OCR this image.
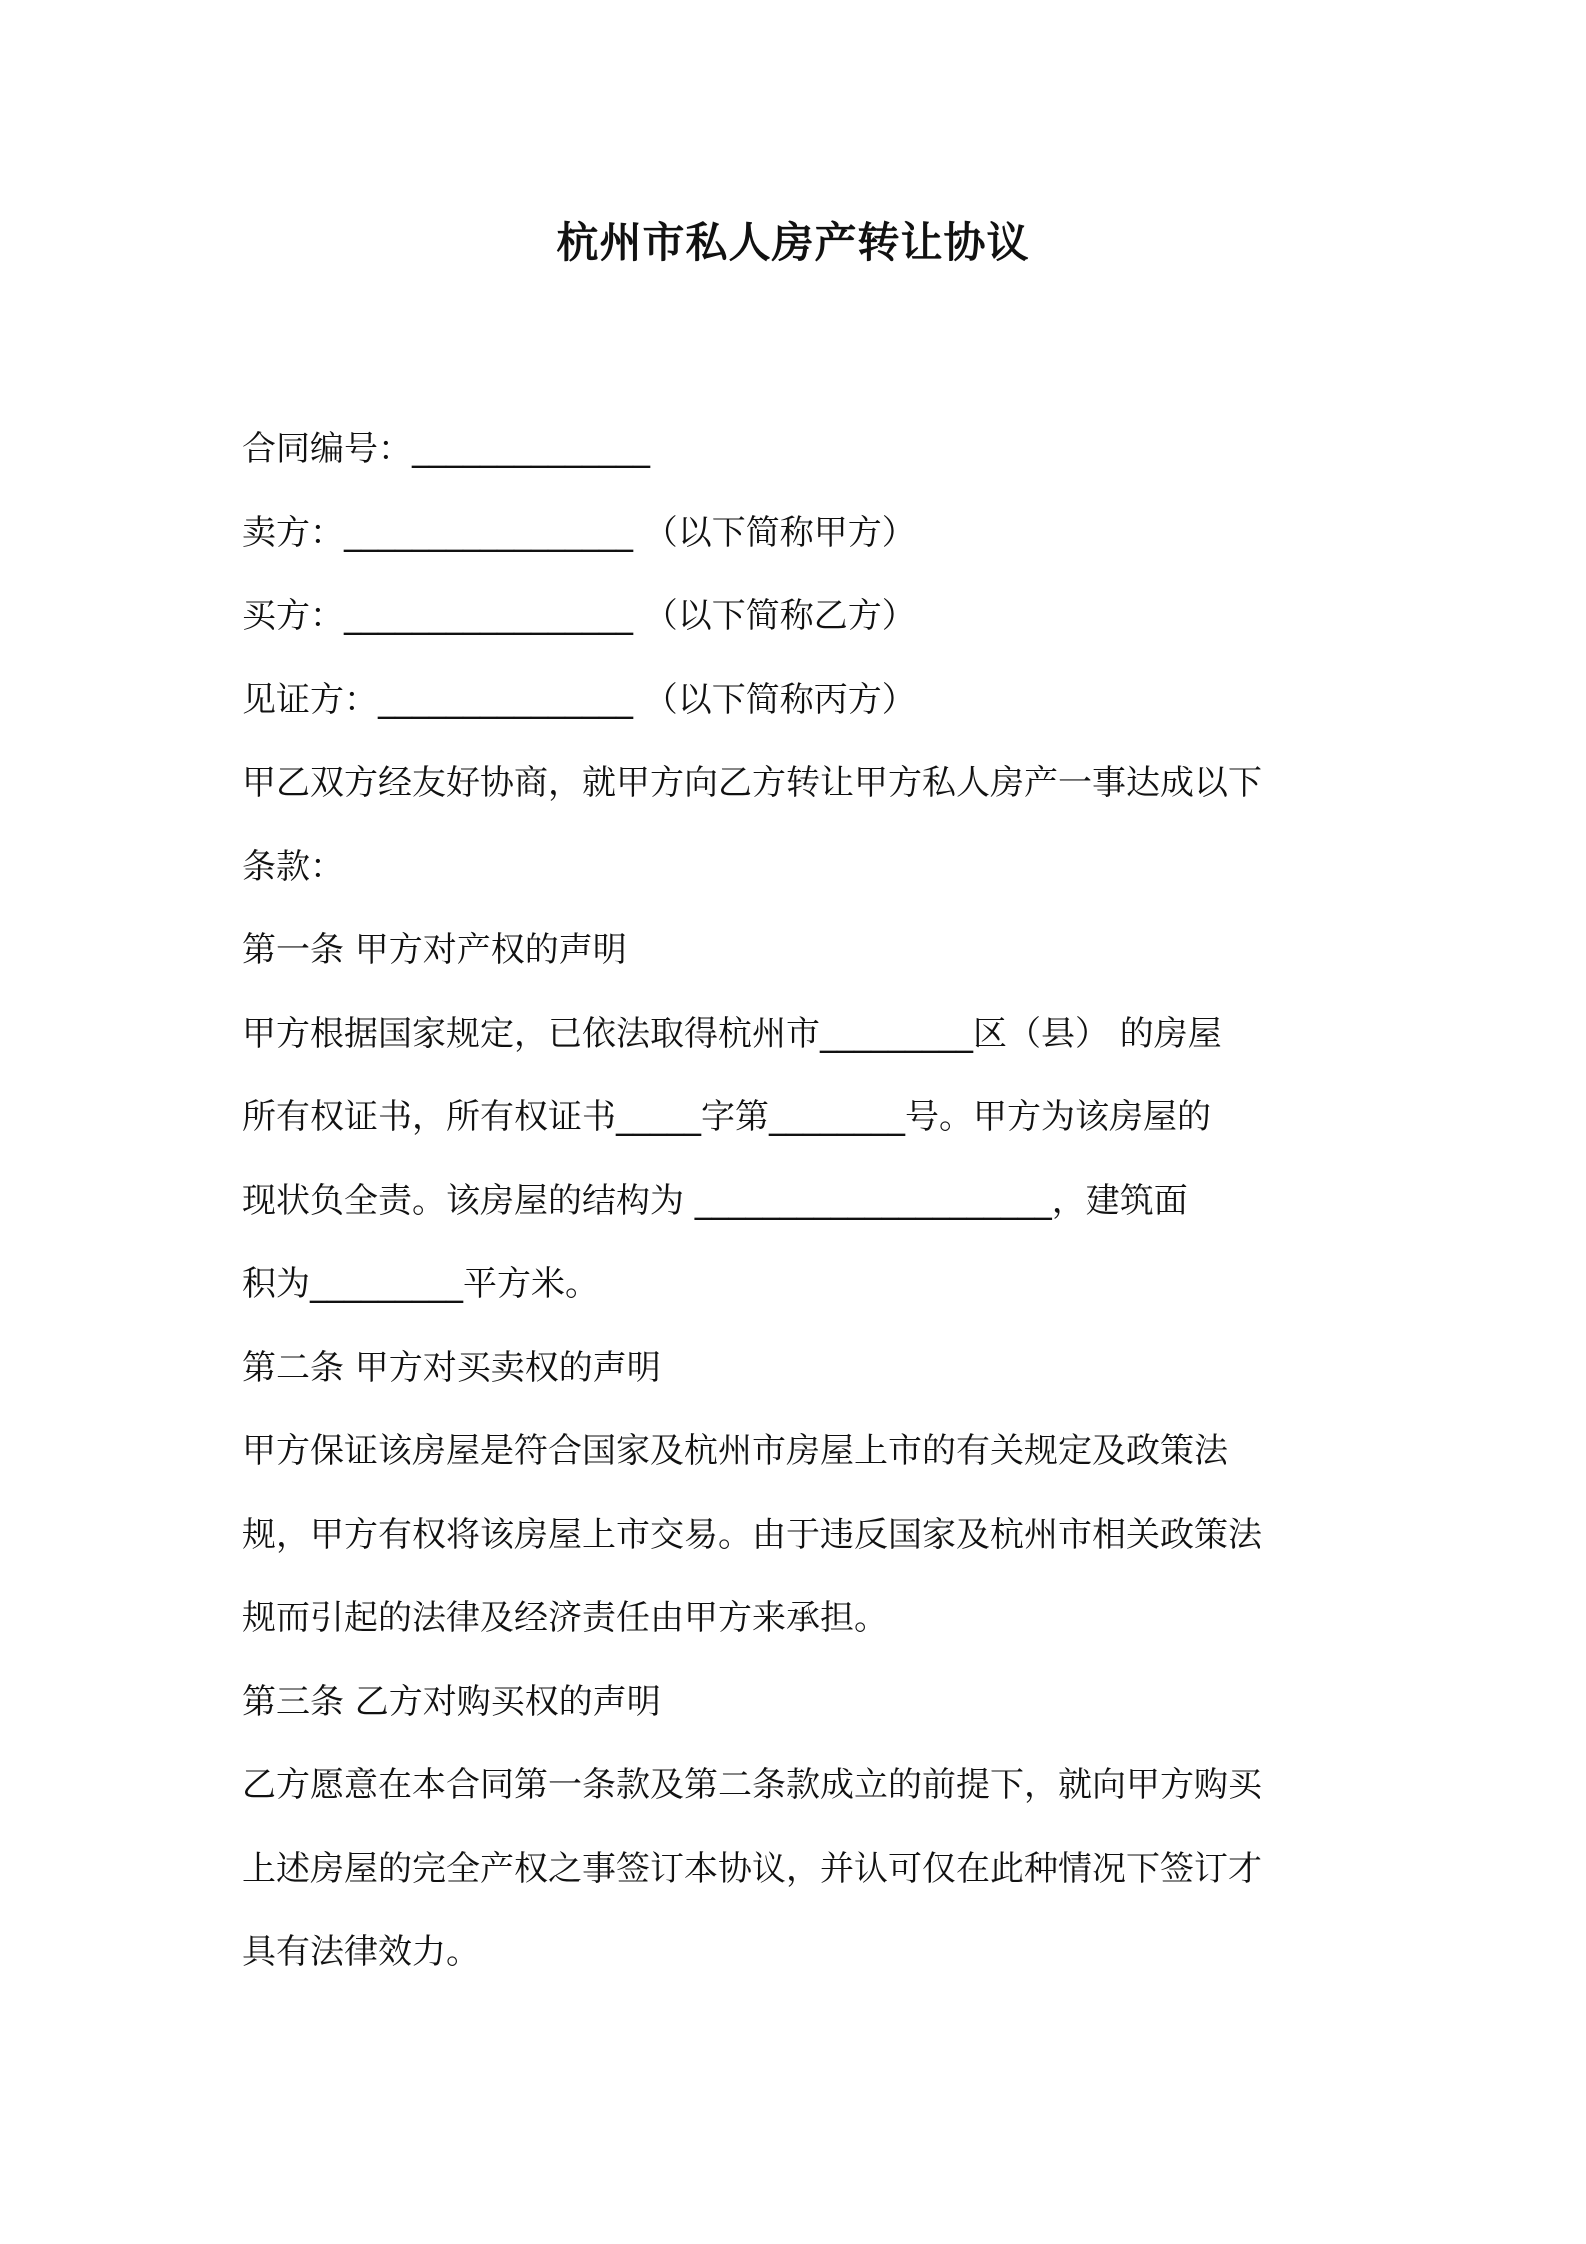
杭州市私人房产转让协议
合同编号：______________
卖方：_________________ （以下简称甲方）
买方：_________________ （以下简称乙方）
见证方：_______________ （以下简称丙方）
甲乙双方经友好协商，就甲方向乙方转让甲方私人房产一事达成以下
条款：
第一条 甲方对产权的声明
甲方根据国家规定，已依法取得杭州市_________区（县） 的房屋
所有权证书，所有权证书_____字第________号。甲方为该房屋的
现状负全责。该房屋的结构为 _____________________，建筑面
积为_________平方米。
第二条 甲方对买卖权的声明
甲方保证该房屋是符合国家及杭州市房屋上市的有关规定及政策法
规，甲方有权将该房屋上市交易。由于违反国家及杭州市相关政策法
规而引起的法律及经济责任由甲方来承担。
第三条 乙方对购买权的声明
乙方愿意在本合同第一条款及第二条款成立的前提下，就向甲方购买
上述房屋的完全产权之事签订本协议，并认可仅在此种情况下签订才
具有法律效力。
